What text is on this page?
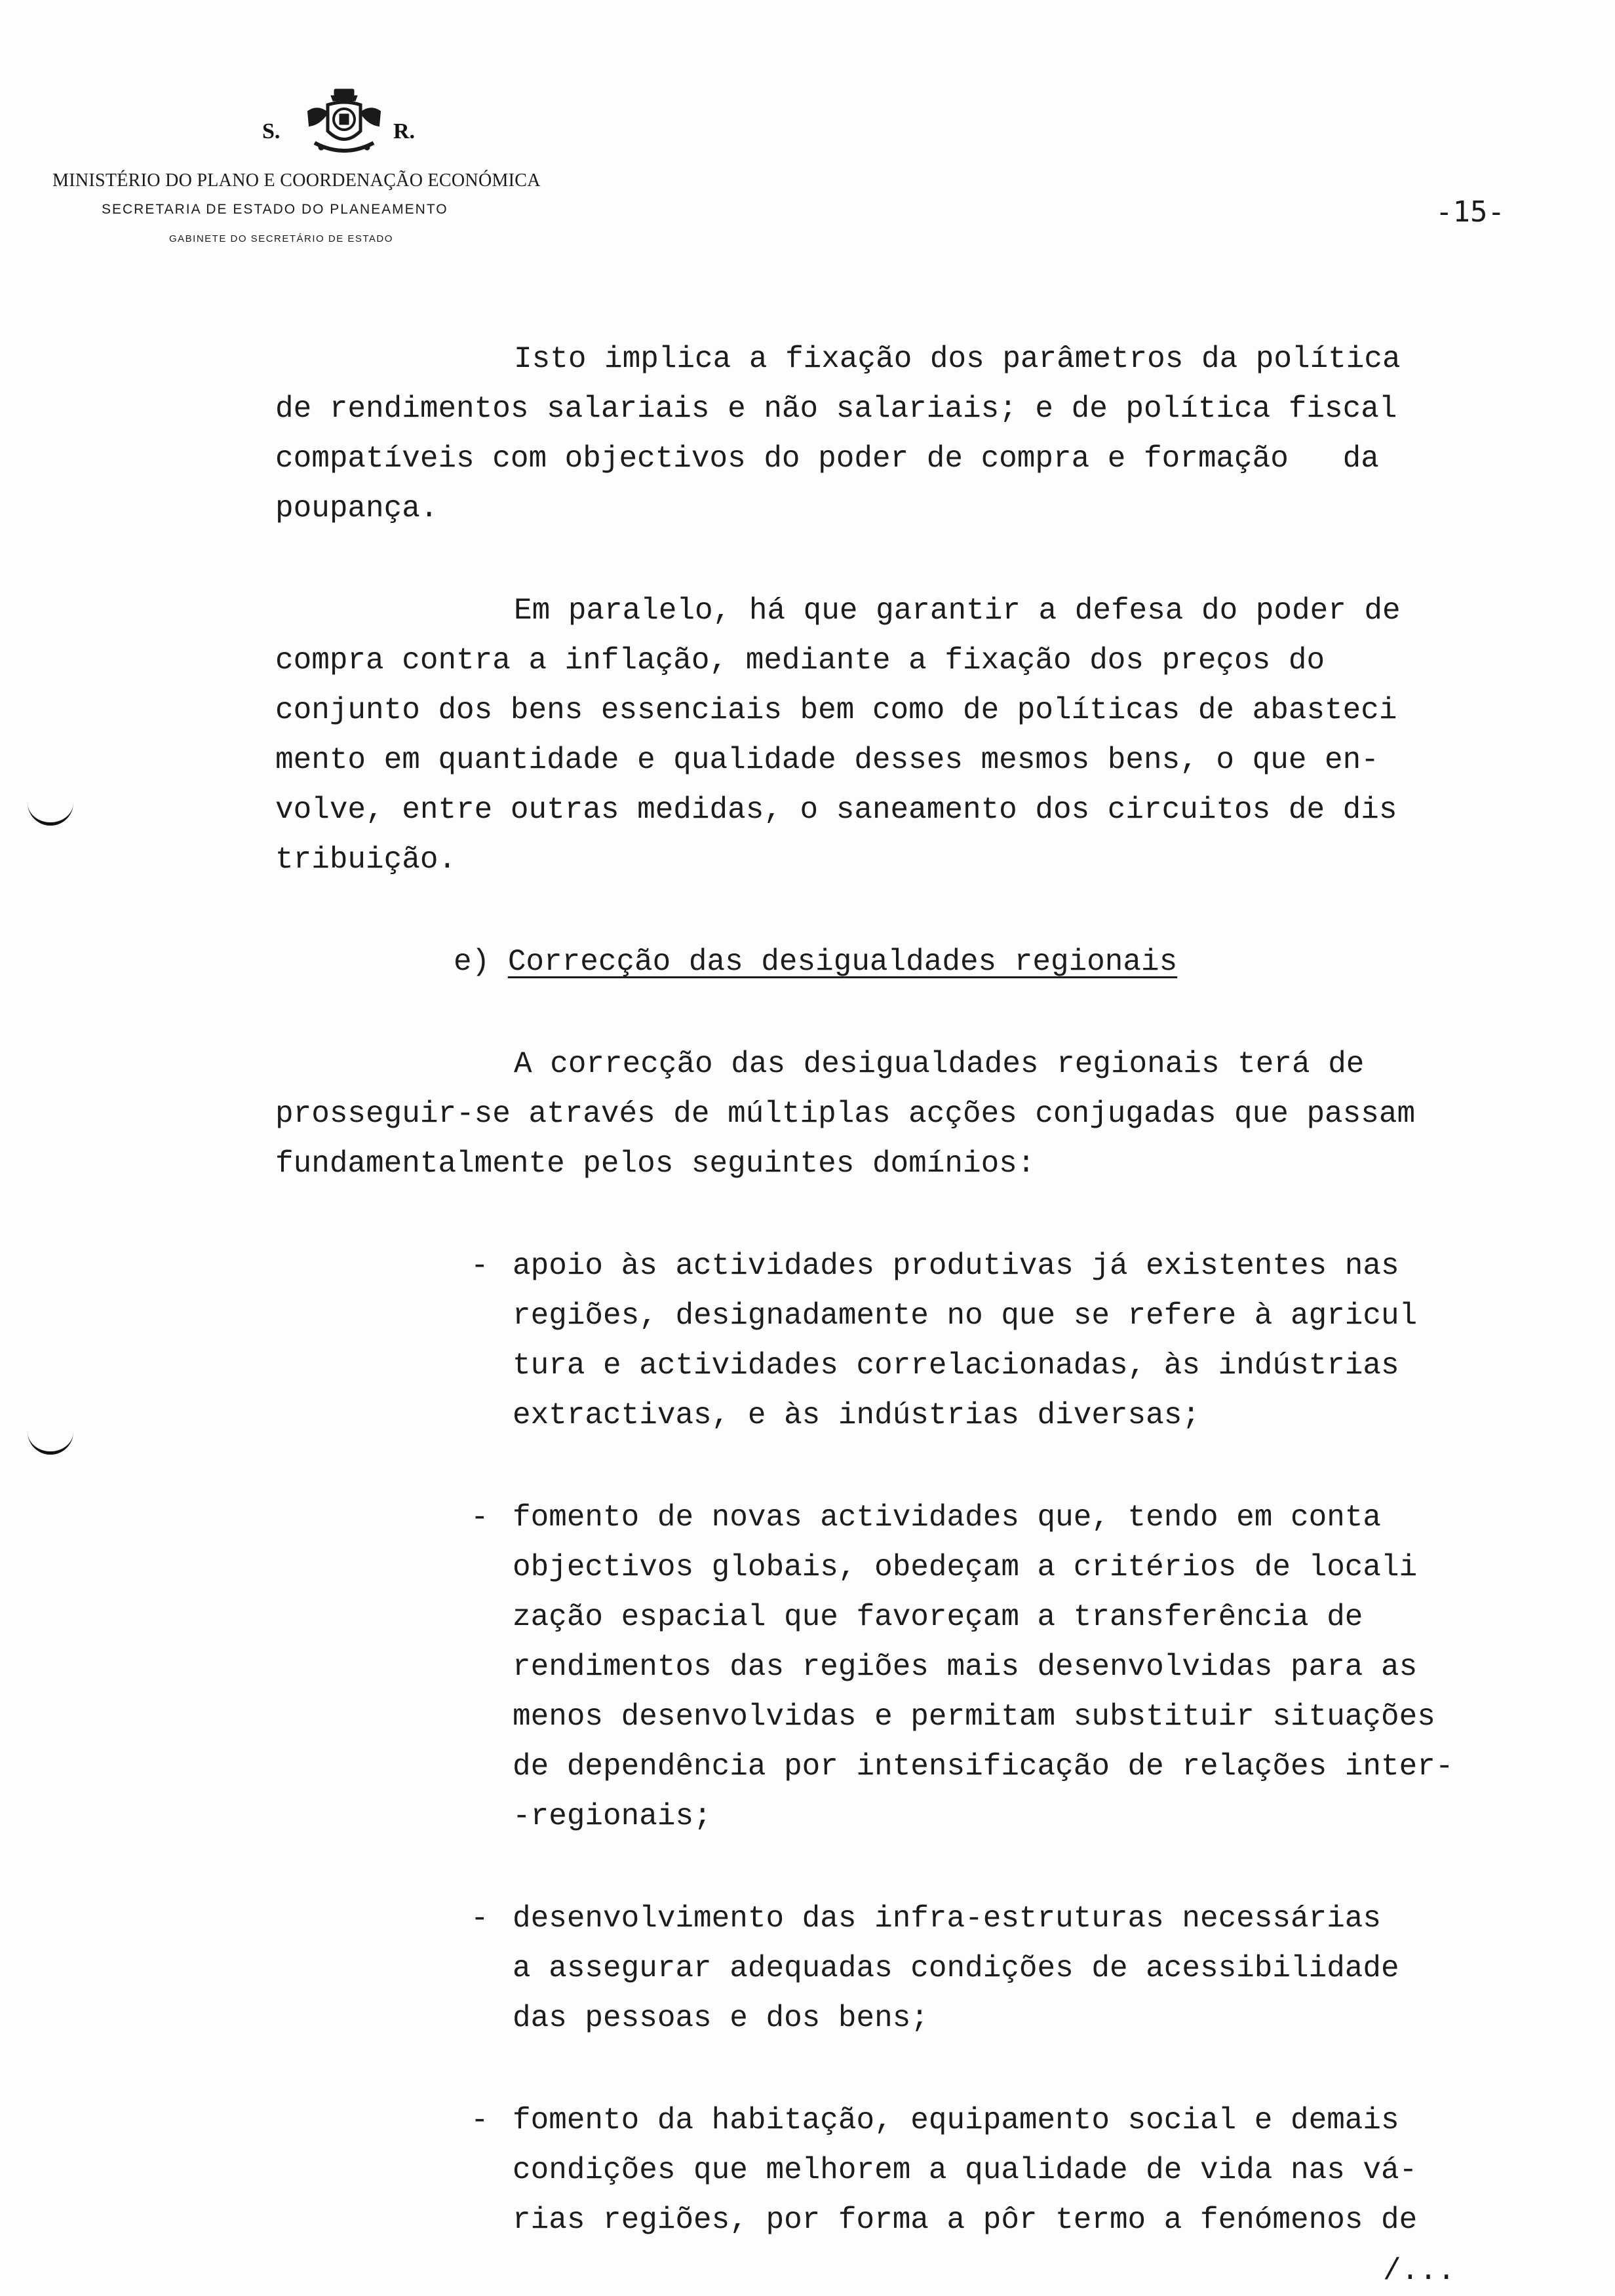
S.	R.
MINISTÉRIO DO PLANO E COORDENAÇÃO ECONÓMICA
SECRETARIA DE ESTADO DO PLANEAMENTO
GABINETE DO SECRETÁRIO DE ESTADO
-15-
Isto implica a fixação dos parâmetros da política
de rendimentos salariais e não salariais; e de política fiscal
compatíveis com objectivos do poder de compra e formação   da
poupança.
Em paralelo, há que garantir a defesa do poder de
compra contra a inflação, mediante a fixação dos preços do
conjunto dos bens essenciais bem como de políticas de abasteci
mento em quantidade e qualidade desses mesmos bens, o que en-
volve, entre outras medidas, o saneamento dos circuitos de dis
tribuição.
e) Correcção das desigualdades regionais
A correcção das desigualdades regionais terá de
prosseguir-se através de múltiplas acções conjugadas que passam
fundamentalmente pelos seguintes domínios:
- apoio às actividades produtivas já existentes nas
regiões, designadamente no que se refere à agricul
tura e actividades correlacionadas, às indústrias
extractivas, e às indústrias diversas;
- fomento de novas actividades que, tendo em conta
objectivos globais, obedeçam a critérios de locali
zação espacial que favoreçam a transferência de
rendimentos das regiões mais desenvolvidas para as
menos desenvolvidas e permitam substituir situações
de dependência por intensificação de relações inter-
-regionais;
- desenvolvimento das infra-estruturas necessárias
a assegurar adequadas condições de acessibilidade
das pessoas e dos bens;
- fomento da habitação, equipamento social e demais
condições que melhorem a qualidade de vida nas vá-
rias regiões, por forma a pôr termo a fenómenos de
/...
